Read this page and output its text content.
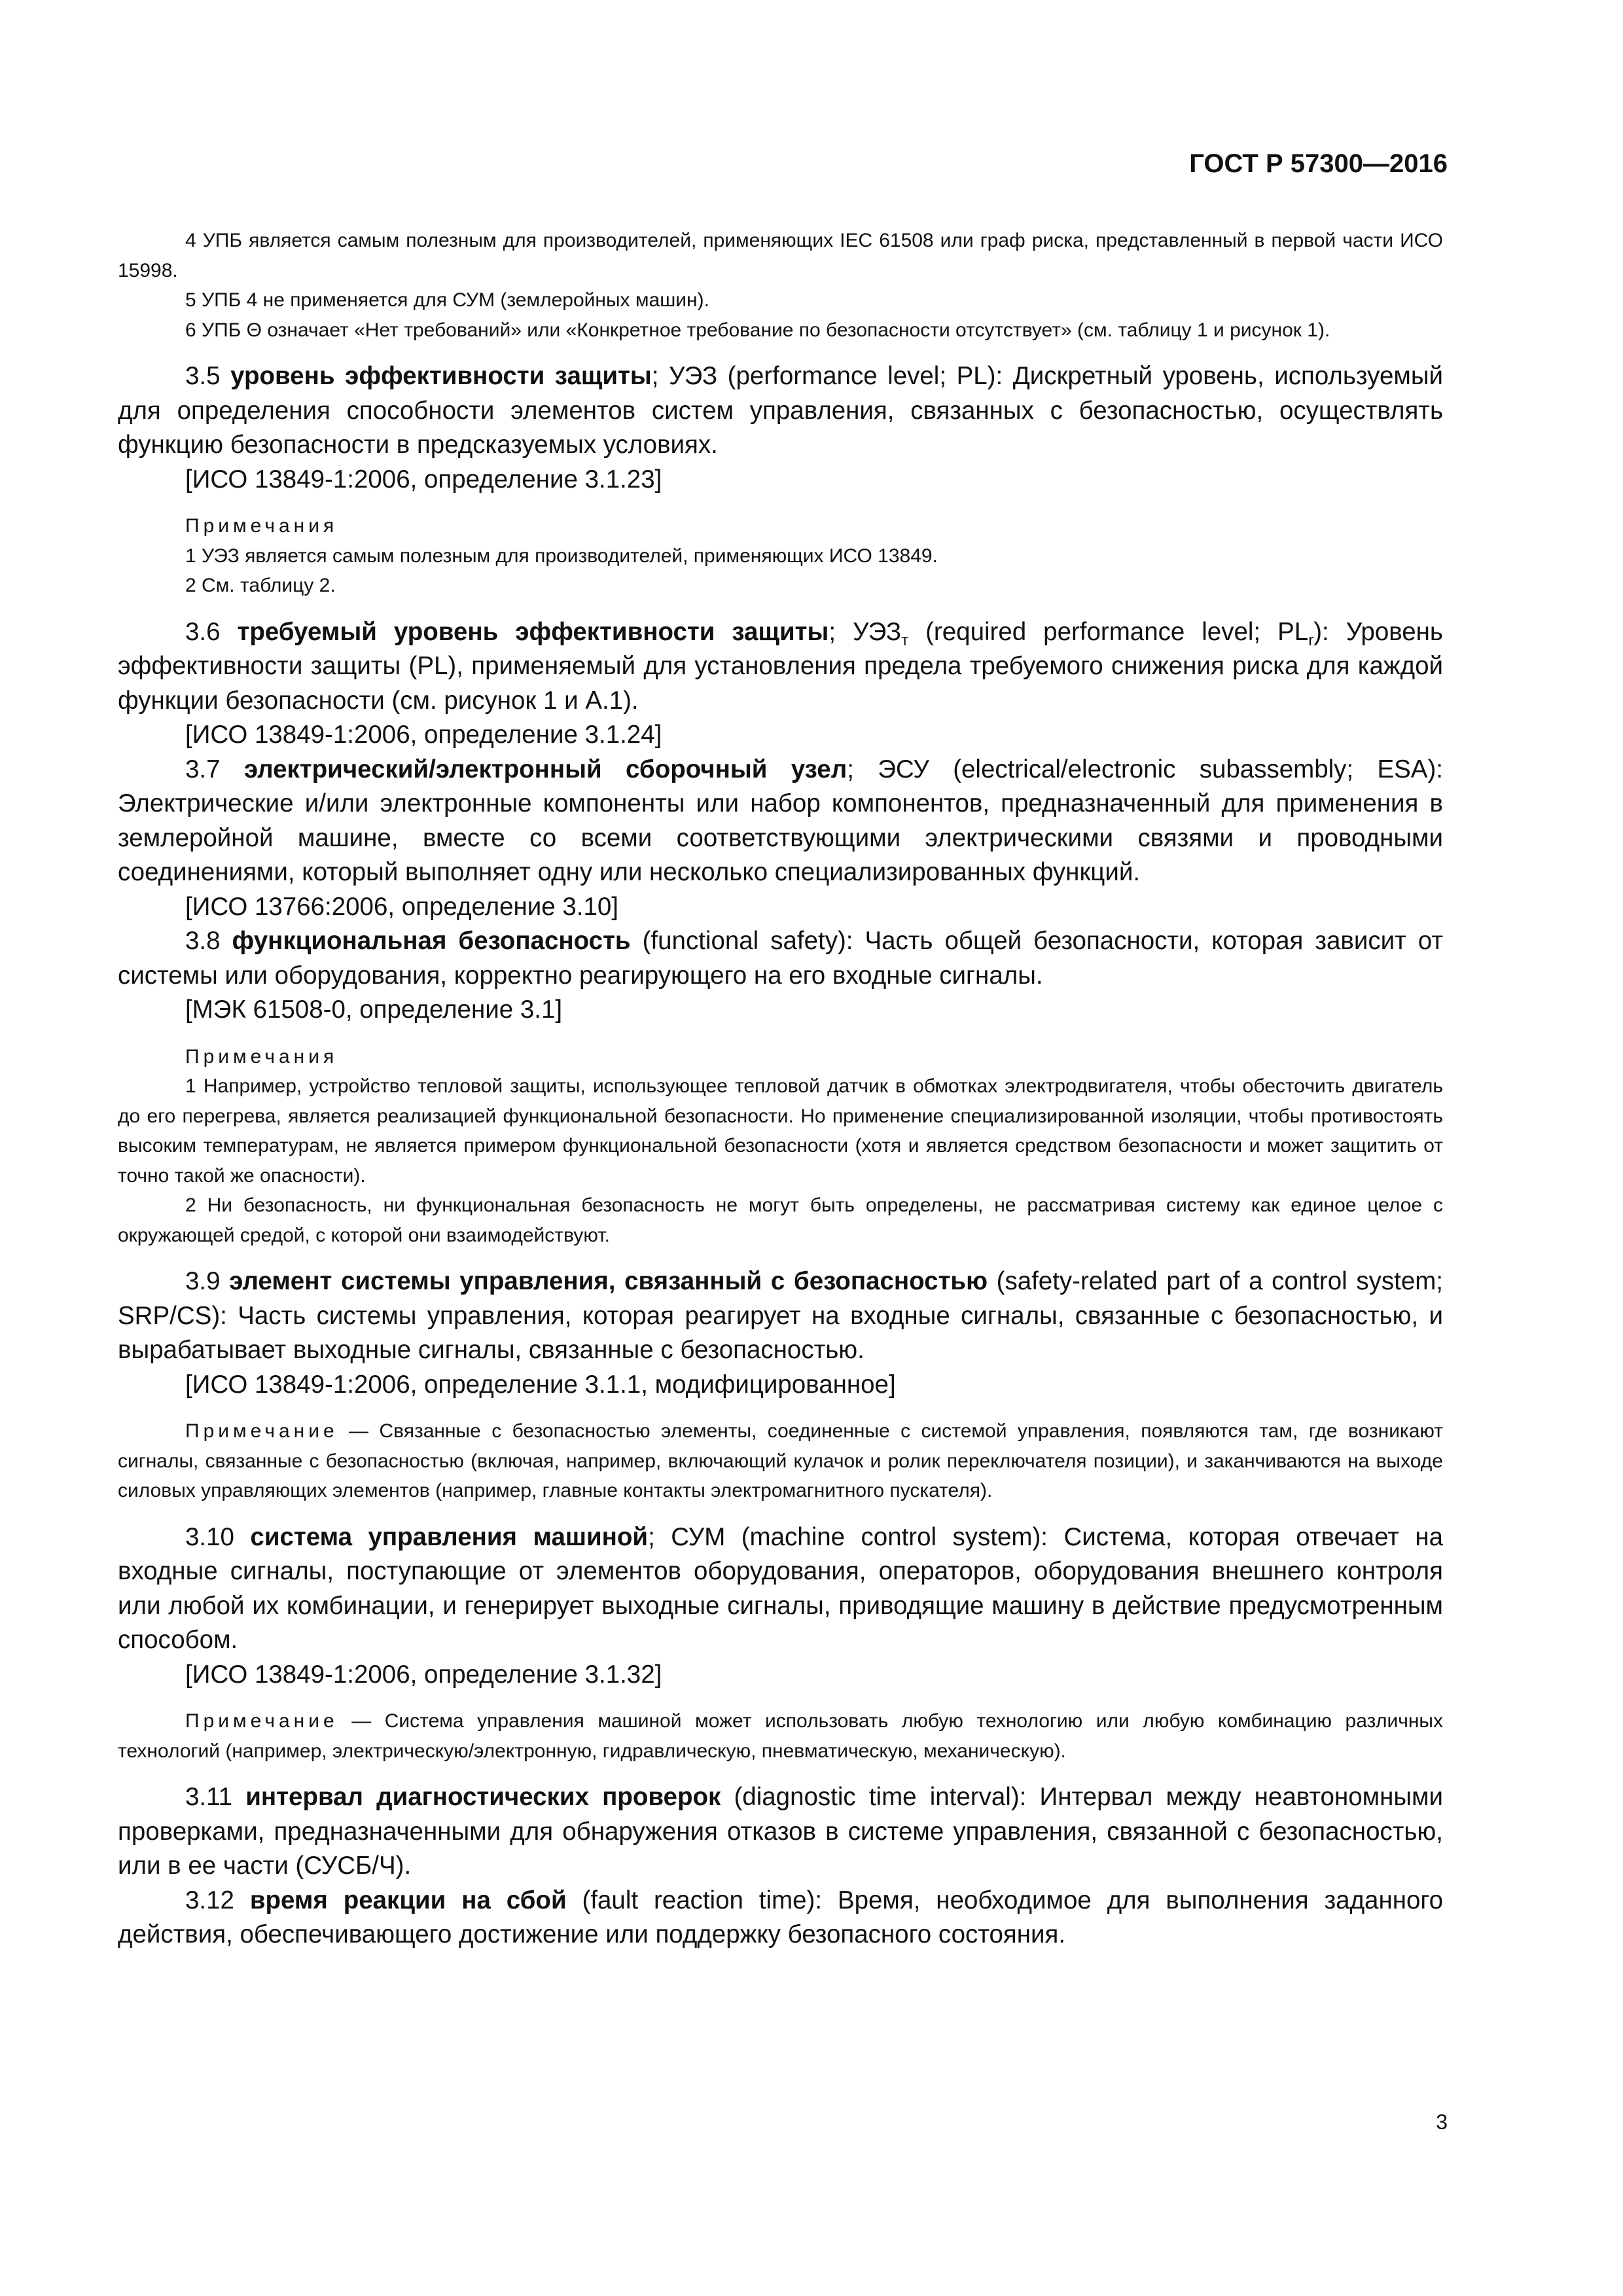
ГОСТ Р 57300—2016

4 УПБ является самым полезным для производителей, применяющих IEC 61508 или граф риска, представленный в первой части ИСО 15998.

5 УПБ 4 не применяется для СУМ (землеройных машин).

6 УПБ Θ означает «Нет требований» или «Конкретное требование по безопасности отсутствует» (см. таблицу 1 и рисунок 1).

3.5 уровень эффективности защиты; УЭЗ (performance level; PL): Дискретный уровень, используемый для определения способности элементов систем управления, связанных с безопасностью, осуществлять функцию безопасности в предсказуемых условиях.

[ИСО 13849-1:2006, определение 3.1.23]

Примечания

1 УЭЗ является самым полезным для производителей, применяющих ИСО 13849.

2 См. таблицу 2.

3.6 требуемый уровень эффективности защиты; $УЭЗ_т$ (required performance level; $PL_r$): Уровень эффективности защиты (PL), применяемый для установления предела требуемого снижения риска для каждой функции безопасности (см. рисунок 1 и А.1).

[ИСО 13849-1:2006, определение 3.1.24]

3.7 электрический/электронный сборочный узел; ЭСУ (electrical/electronic subassembly; ESA): Электрические и/или электронные компоненты или набор компонентов, предназначенный для применения в землеройной машине, вместе со всеми соответствующими электрическими связями и проводными соединениями, который выполняет одну или несколько специализированных функций.

[ИСО 13766:2006, определение 3.10]

3.8 функциональная безопасность (functional safety): Часть общей безопасности, которая зависит от системы или оборудования, корректно реагирующего на его входные сигналы.

[МЭК 61508-0, определение 3.1]

Примечания

1 Например, устройство тепловой защиты, использующее тепловой датчик в обмотках электродвигателя, чтобы обесточить двигатель до его перегрева, является реализацией функциональной безопасности. Но применение специализированной изоляции, чтобы противостоять высоким температурам, не является примером функциональной безопасности (хотя и является средством безопасности и может защитить от точно такой же опасности).

2 Ни безопасность, ни функциональная безопасность не могут быть определены, не рассматривая систему как единое целое с окружающей средой, с которой они взаимодействуют.

3.9 элемент системы управления, связанный с безопасностью (safety-related part of a control system; SRP/CS): Часть системы управления, которая реагирует на входные сигналы, связанные с безопасностью, и вырабатывает выходные сигналы, связанные с безопасностью.

[ИСО 13849-1:2006, определение 3.1.1, модифицированное]

Примечание — Связанные с безопасностью элементы, соединенные с системой управления, появляются там, где возникают сигналы, связанные с безопасностью (включая, например, включающий кулачок и ролик переключателя позиции), и заканчиваются на выходе силовых управляющих элементов (например, главные контакты электромагнитного пускателя).

3.10 система управления машиной; СУМ (machine control system): Система, которая отвечает на входные сигналы, поступающие от элементов оборудования, операторов, оборудования внешнего контроля или любой их комбинации, и генерирует выходные сигналы, приводящие машину в действие предусмотренным способом.

[ИСО 13849-1:2006, определение 3.1.32]

Примечание — Система управления машиной может использовать любую технологию или любую комбинацию различных технологий (например, электрическую/электронную, гидравлическую, пневматическую, механическую).

3.11 интервал диагностических проверок (diagnostic time interval): Интервал между неавтономными проверками, предназначенными для обнаружения отказов в системе управления, связанной с безопасностью, или в ее части (СУСБ/Ч).

3.12 время реакции на сбой (fault reaction time): Время, необходимое для выполнения заданного действия, обеспечивающего достижение или поддержку безопасного состояния.

3
